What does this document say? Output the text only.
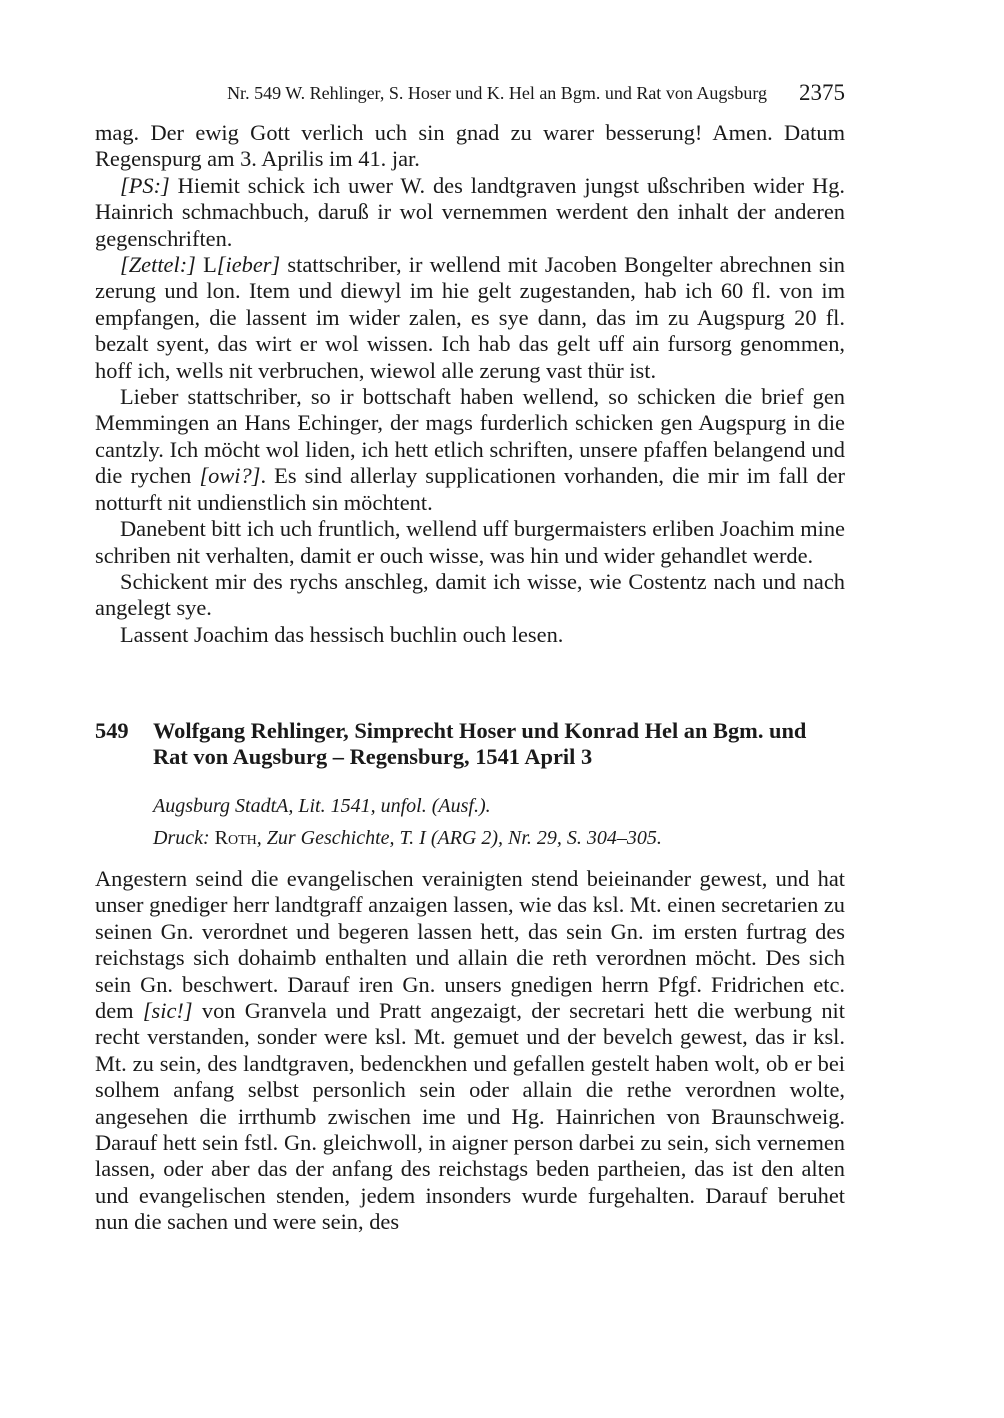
Nr. 549 W. Rehlinger, S. Hoser und K. Hel an Bgm. und Rat von Augsburg 2375

mag. Der ewig Gott verlich uch sin gnad zu warer besserung! Amen. Datum Regenspurg am 3. Aprilis im 41. jar.

[PS:] Hiemit schick ich uwer W. des landtgraven jungst ußschriben wider Hg. Hainrich schmachbuch, daruß ir wol vernemmen werdent den inhalt der anderen gegenschriften.

[Zettel:] L[ieber] stattschriber, ir wellend mit Jacoben Bongelter abrechnen sin zerung und lon. Item und diewyl im hie gelt zugestanden, hab ich 60 fl. von im empfangen, die lassent im wider zalen, es sye dann, das im zu Augspurg 20 fl. bezalt syent, das wirt er wol wissen. Ich hab das gelt uff ain fursorg genommen, hoff ich, wells nit verbruchen, wiewol alle zerung vast thür ist.

Lieber stattschriber, so ir bottschaft haben wellend, so schicken die brief gen Memmingen an Hans Echinger, der mags furderlich schicken gen Augspurg in die cantzly. Ich möcht wol liden, ich hett etlich schriften, unsere pfaffen belangend und die rychen [owi?]. Es sind allerlay supplicationen vorhanden, die mir im fall der notturft nit undienstlich sin möchtent.

Danebent bitt ich uch fruntlich, wellend uff burgermaisters erliben Joachim mine schriben nit verhalten, damit er ouch wisse, was hin und wider gehandlet werde.

Schickent mir des rychs anschleg, damit ich wisse, wie Costentz nach und nach angelegt sye.

Lassent Joachim das hessisch buchlin ouch lesen.

549 Wolfgang Rehlinger, Simprecht Hoser und Konrad Hel an Bgm. und Rat von Augsburg – Regensburg, 1541 April 3
Augsburg StadtA, Lit. 1541, unfol. (Ausf.).
Druck: Roth, Zur Geschichte, T. I (ARG 2), Nr. 29, S. 304–305.

Angestern seind die evangelischen verainigten stend beieinander gewest, und hat unser gnediger herr landtgraff anzaigen lassen, wie das ksl. Mt. einen secretarien zu seinen Gn. verordnet und begeren lassen hett, das sein Gn. im ersten furtrag des reichstags sich dohaimb enthalten und allain die reth verordnen möcht. Des sich sein Gn. beschwert. Darauf iren Gn. unsers gnedigen herrn Pfgf. Fridrichen etc. dem [sic!] von Granvela und Pratt angezaigt, der secretari hett die werbung nit recht verstanden, sonder were ksl. Mt. gemuet und der bevelch gewest, das ir ksl. Mt. zu sein, des landtgraven, bedenckhen und gefallen gestelt haben wolt, ob er bei solhem anfang selbst personlich sein oder allain die rethe verordnen wolte, angesehen die irrthumb zwischen ime und Hg. Hainrichen von Braunschweig. Darauf hett sein fstl. Gn. gleichwoll, in aigner person darbei zu sein, sich vernemen lassen, oder aber das der anfang des reichstags beden partheien, das ist den alten und evangelischen stenden, jedem insonders wurde furgehalten. Darauf beruhet nun die sachen und were sein, des
